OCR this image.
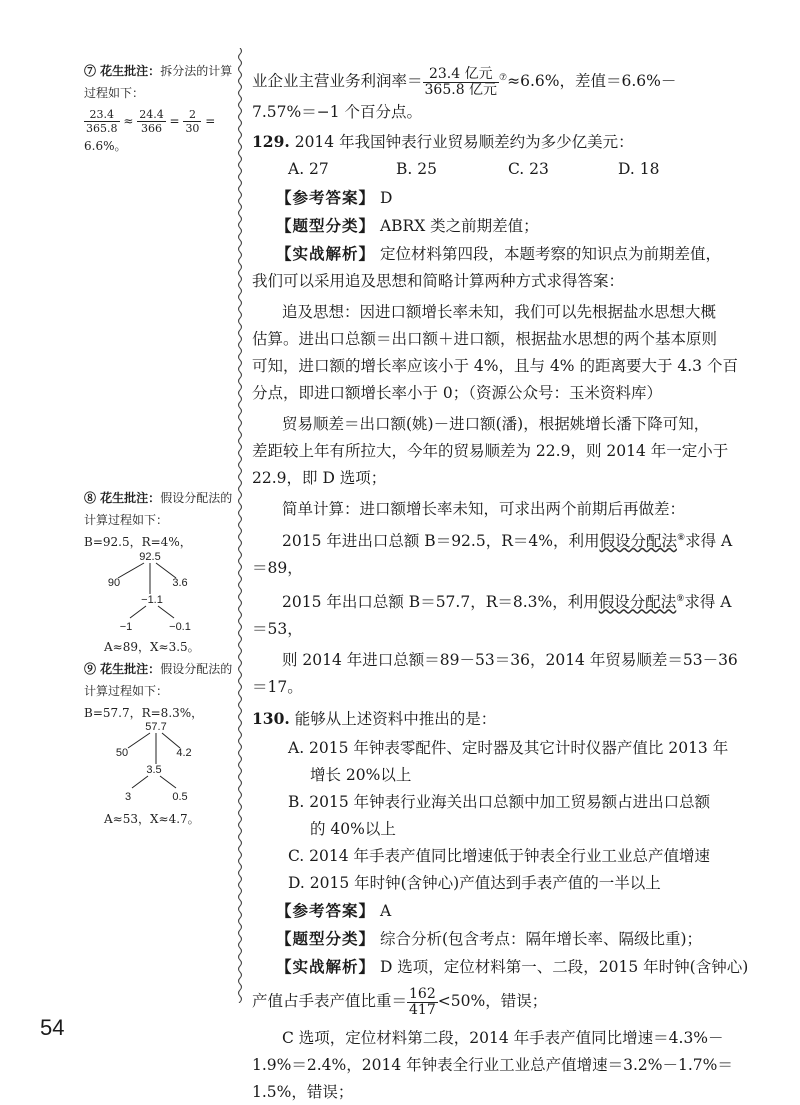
⑦ 花生批注：拆分法的计算
过程如下：
$\frac{23.4}{365.8} \approx \frac{24.4}{366} = \frac{2}{30}$ =
6.6%。
⑧ 花生批注：假设分配法的
计算过程如下：
B=92.5，R=4%，
92.5
90	3.6
−1.1
−1	−0.1
A≈89，X≈3.5。
⑨ 花生批注：假设分配法的
计算过程如下：
B=57.7，R=8.3%，
57.7
50	4.2
3.5
3	0.5
A≈53，X≈4.7。
业企业主营业务利润率＝ $\frac{\text{23.4 亿元}}{\text{365.8 亿元}} ^⑦\approx 6.6\%$，差值＝6.6%－
7.57%＝−1 个百分点。
129. 2014 年我国钟表行业贸易顺差约为多少亿美元：
A. 27	B. 25	C. 23	D. 18
【参考答案】 D
【题型分类】 ABRX 类之前期差值；
【实战解析】 定位材料第四段，本题考察的知识点为前期差值，
我们可以采用追及思想和简略计算两种方式求得答案：
追及思想：因进口额增长率未知，我们可以先根据盐水思想大概
估算。进出口总额＝出口额＋进口额，根据盐水思想的两个基本原则
可知，进口额的增长率应该小于 4%，且与 4% 的距离要大于 4.3 个百
分点，即进口额增长率小于 0；（资源公众号：玉米资料库）
贸易顺差＝出口额(姚)－进口额(潘)，根据姚增长潘下降可知，
差距较上年有所拉大，今年的贸易顺差为 22.9，则 2014 年一定小于
22.9，即 D 选项；
简单计算：进口额增长率未知，可求出两个前期后再做差：
2015 年进出口总额 B＝92.5，R＝4%，利用假设分配法⑧求得 A
＝89，
2015 年出口总额 B＝57.7，R＝8.3%，利用假设分配法⑨求得 A
＝53，
则 2014 年进口总额＝89－53＝36，2014 年贸易顺差＝53－36
＝17。
130. 能够从上述资料中推出的是：
A. 2015 年钟表零配件、定时器及其它计时仪器产值比 2013 年
增长 20%以上
B. 2015 年钟表行业海关出口总额中加工贸易额占进出口总额
的 40%以上
C. 2014 年手表产值同比增速低于钟表全行业工业总产值增速
D. 2015 年时钟(含钟心)产值达到手表产值的一半以上
【参考答案】 A
【题型分类】 综合分析(包含考点：隔年增长率、隔级比重)；
【实战解析】 D 选项，定位材料第一、二段，2015 年时钟(含钟心)
产值占手表产值比重＝ $\frac{162}{417} <50\%$，错误；
C 选项，定位材料第二段，2014 年手表产值同比增速＝4.3%－
1.9%＝2.4%，2014 年钟表全行业工业总产值增速＝3.2%－1.7%＝
1.5%，错误；
54
